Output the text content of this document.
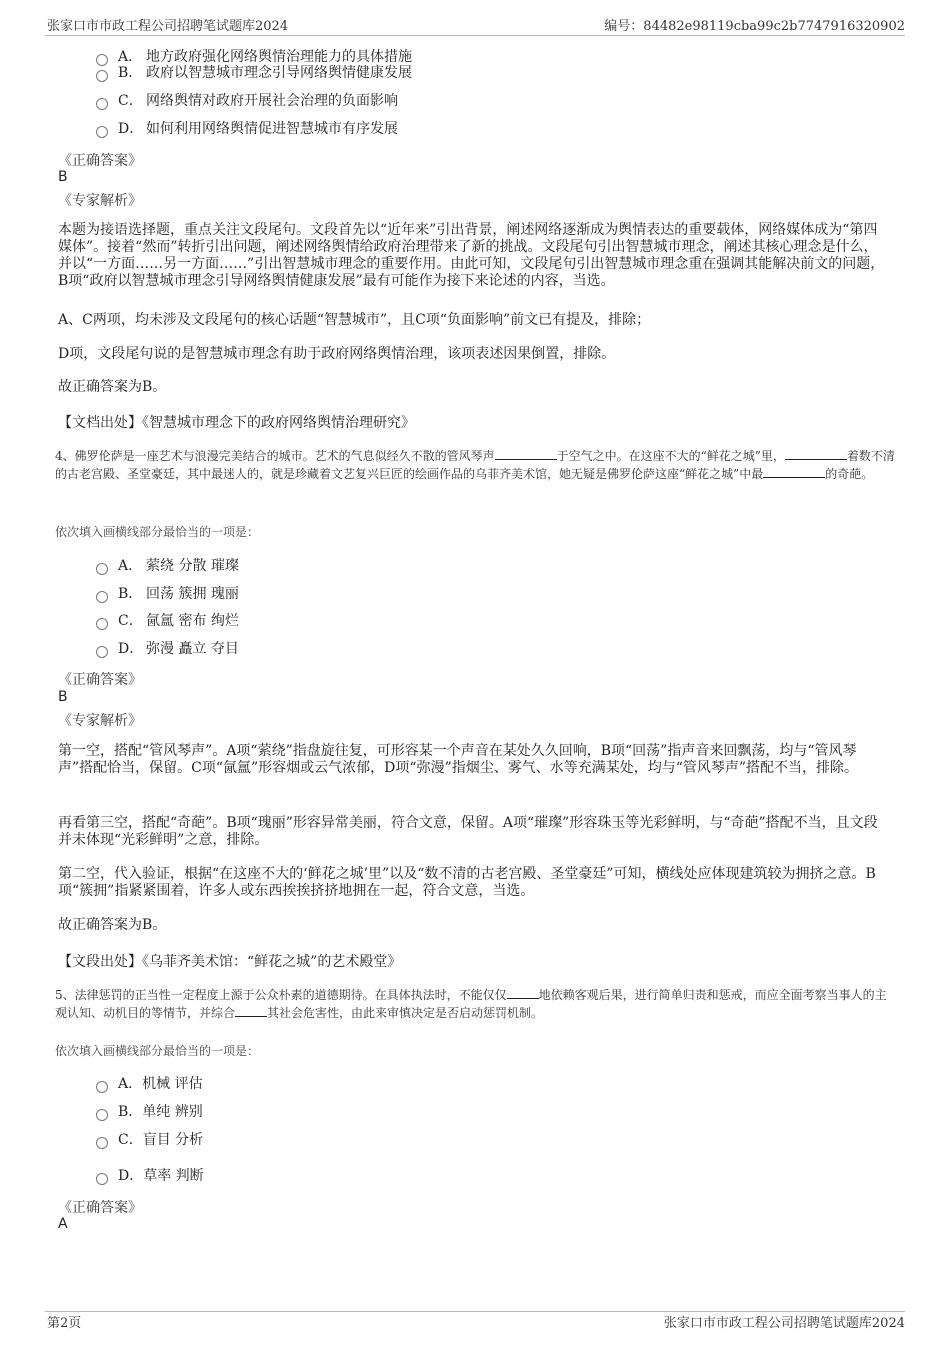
张家口市市政工程公司招聘笔试题库2024	编号：84482e98119cba99c2b7747916320902
A． 地方政府强化网络舆情治理能力的具体措施
B． 政府以智慧城市理念引导网络舆情健康发展
C． 网络舆情对政府开展社会治理的负面影响
D． 如何利用网络舆情促进智慧城市有序发展
《正确答案》
B
《专家解析》
本题为接语选择题，重点关注文段尾句。文段首先以“近年来”引出背景，阐述网络逐渐成为舆情表达的重要载体，网络媒体成为“第四媒体”。接着“然而”转折引出问题，阐述网络舆情给政府治理带来了新的挑战。文段尾句引出智慧城市理念，阐述其核心理念是什么，并以“一方面……另一方面……”引出智慧城市理念的重要作用。由此可知，文段尾句引出智慧城市理念重在强调其能解决前文的问题，B项“政府以智慧城市理念引导网络舆情健康发展”最有可能作为接下来论述的内容，当选。
A、C两项，均未涉及文段尾句的核心话题“智慧城市”，且C项“负面影响”前文已有提及，排除；
D项，文段尾句说的是智慧城市理念有助于政府网络舆情治理，该项表述因果倒置，排除。
故正确答案为B。
【文档出处】《智慧城市理念下的政府网络舆情治理研究》
4、佛罗伦萨是一座艺术与浪漫完美结合的城市。艺术的气息似经久不散的管风琴声	于空气之中。在这座不大的“鲜花之城”里，	着数不清的古老宫殿、圣堂豪廷，其中最迷人的，就是珍藏着文艺复兴巨匠的绘画作品的乌菲齐美术馆，她无疑是佛罗伦萨这座“鲜花之城”中最	的奇葩。
依次填入画横线部分最恰当的一项是：
A． 萦绕 分散 璀璨
B． 回荡 簇拥 瑰丽
C． 氤氲 密布 绚烂
D． 弥漫 矗立 夺目
《正确答案》
B
《专家解析》
第一空，搭配“管风琴声”。A项“萦绕”指盘旋往复，可形容某一个声音在某处久久回响，B项“回荡”指声音来回飘荡，均与“管风琴声”搭配恰当，保留。C项“氤氲”形容烟或云气浓郁，D项“弥漫”指烟尘、雾气、水等充满某处，均与“管风琴声”搭配不当，排除。
再看第三空，搭配“奇葩”。B项“瑰丽”形容异常美丽，符合文意，保留。A项“璀璨”形容珠玉等光彩鲜明，与“奇葩”搭配不当，且文段并未体现“光彩鲜明”之意，排除。
第二空，代入验证，根据“在这座不大的‘鲜花之城’里”以及“数不清的古老宫殿、圣堂豪廷”可知，横线处应体现建筑较为拥挤之意。B项“簇拥”指紧紧围着，许多人或东西挨挨挤挤地拥在一起，符合文意，当选。
故正确答案为B。
【文段出处】《乌菲齐美术馆：“鲜花之城”的艺术殿堂》
5、法律惩罚的正当性一定程度上源于公众朴素的道德期待。在具体执法时，不能仅仅	地依赖客观后果，进行简单归责和惩戒，而应全面考察当事人的主观认知、动机目的等情节，并综合	其社会危害性，由此来审慎决定是否启动惩罚机制。
依次填入画横线部分最恰当的一项是：
A．机械 评估
B．单纯 辨别
C．盲目 分析
D．草率 判断
《正确答案》
A
第2页	张家口市市政工程公司招聘笔试题库2024
